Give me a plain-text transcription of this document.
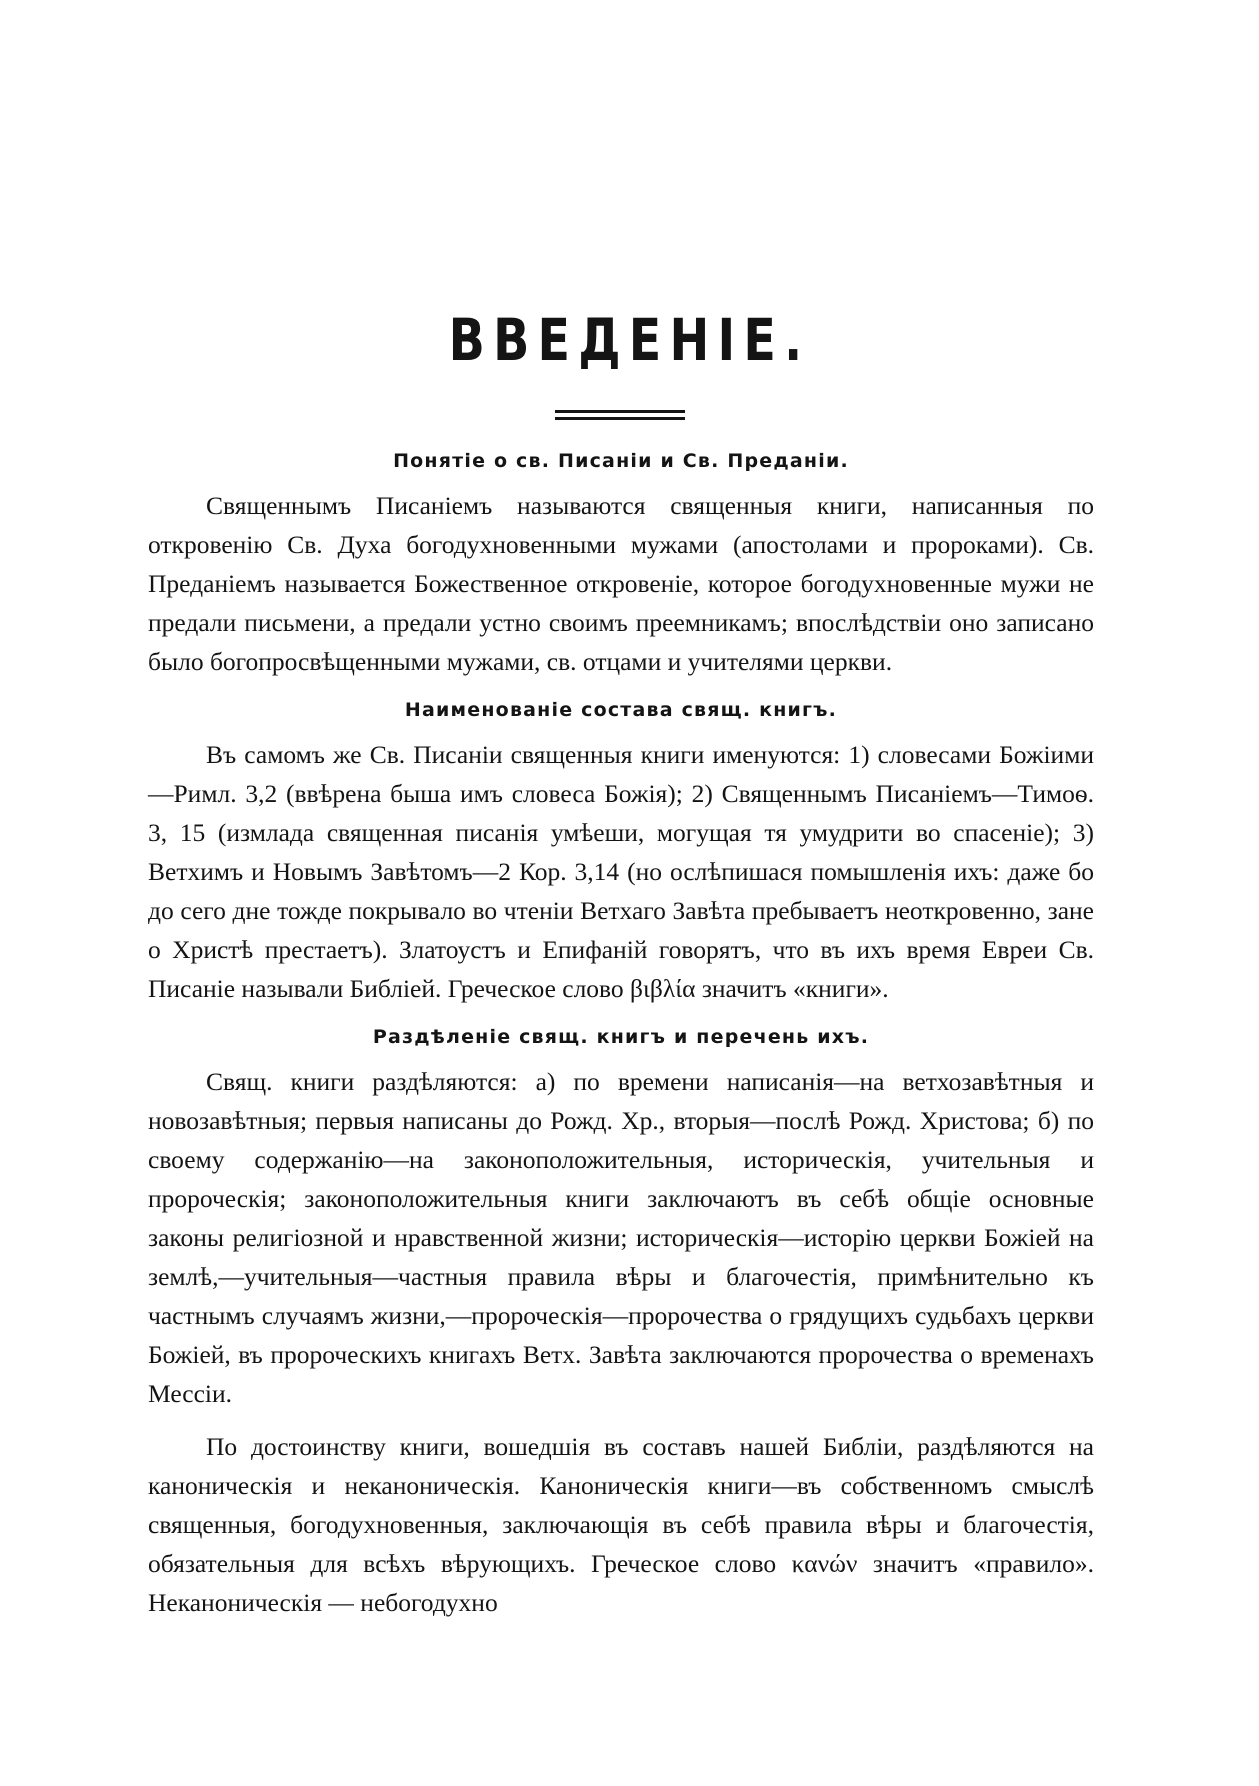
ВВЕДЕНІЕ.
Понятіе о св. Писаніи и Св. Преданіи.

Священнымъ Писаніемъ называются священныя книги, написанныя по откровенію Св. Духа богодухновенными мужами (апостолами и пророками). Св. Преданіемъ называется Божественное откровеніе, которое богодухновенные мужи не предали письмени, а предали устно своимъ преемникамъ; впослѣдствіи оно записано было богопросвѣщенными мужами, св. отцами и учителями церкви.

Наименованіе состава свящ. книгъ.

Въ самомъ же Св. Писаніи священныя книги именуются: 1) словесами Божіими—Римл. 3,2 (ввѣрена быша имъ словеса Божія); 2) Священнымъ Писаніемъ—Тимоѳ. 3, 15 (измлада священная писанія умѣеши, могущая тя умудрити во спасеніе); 3) Ветхимъ и Новымъ Завѣтомъ—2 Кор. 3,14 (но ослѣпишася помышленія ихъ: даже бо до сего дне тожде покрывало во чтеніи Ветхаго Завѣта пребываетъ неоткровенно, зане о Христѣ престаетъ). Златоустъ и Епифаній говорятъ, что въ ихъ время Евреи Св. Писаніе называли Библіей. Греческое слово βιβλία значитъ «книги».

Раздѣленіе свящ. книгъ и перечень ихъ.

Свящ. книги раздѣляются: а) по времени написанія—на ветхозавѣтныя и новозавѣтныя; первыя написаны до Рожд. Хр., вторыя—послѣ Рожд. Христова; б) по своему содержанію—на законоположительныя, историческія, учительныя и пророческія; законоположительныя книги заключаютъ въ себѣ общіе основные законы религіозной и нравственной жизни; историческія—исторію церкви Божіей на землѣ,—учительныя—частныя правила вѣры и благочестія, примѣнительно къ частнымъ случаямъ жизни,—пророческія—пророчества о грядущихъ судьбахъ церкви Божіей, въ пророческихъ книгахъ Ветх. Завѣта заключаются пророчества о временахъ Мессіи.

По достоинству книги, вошедшія въ составъ нашей Библіи, раздѣляются на каноническія и неканоническія. Каноническія книги—въ собственномъ смыслѣ священныя, богодухновенныя, заключающія въ себѣ правила вѣры и благочестія, обязательныя для всѣхъ вѣрующихъ. Греческое слово κανών значитъ «правило». Неканоническія — небогодухно
